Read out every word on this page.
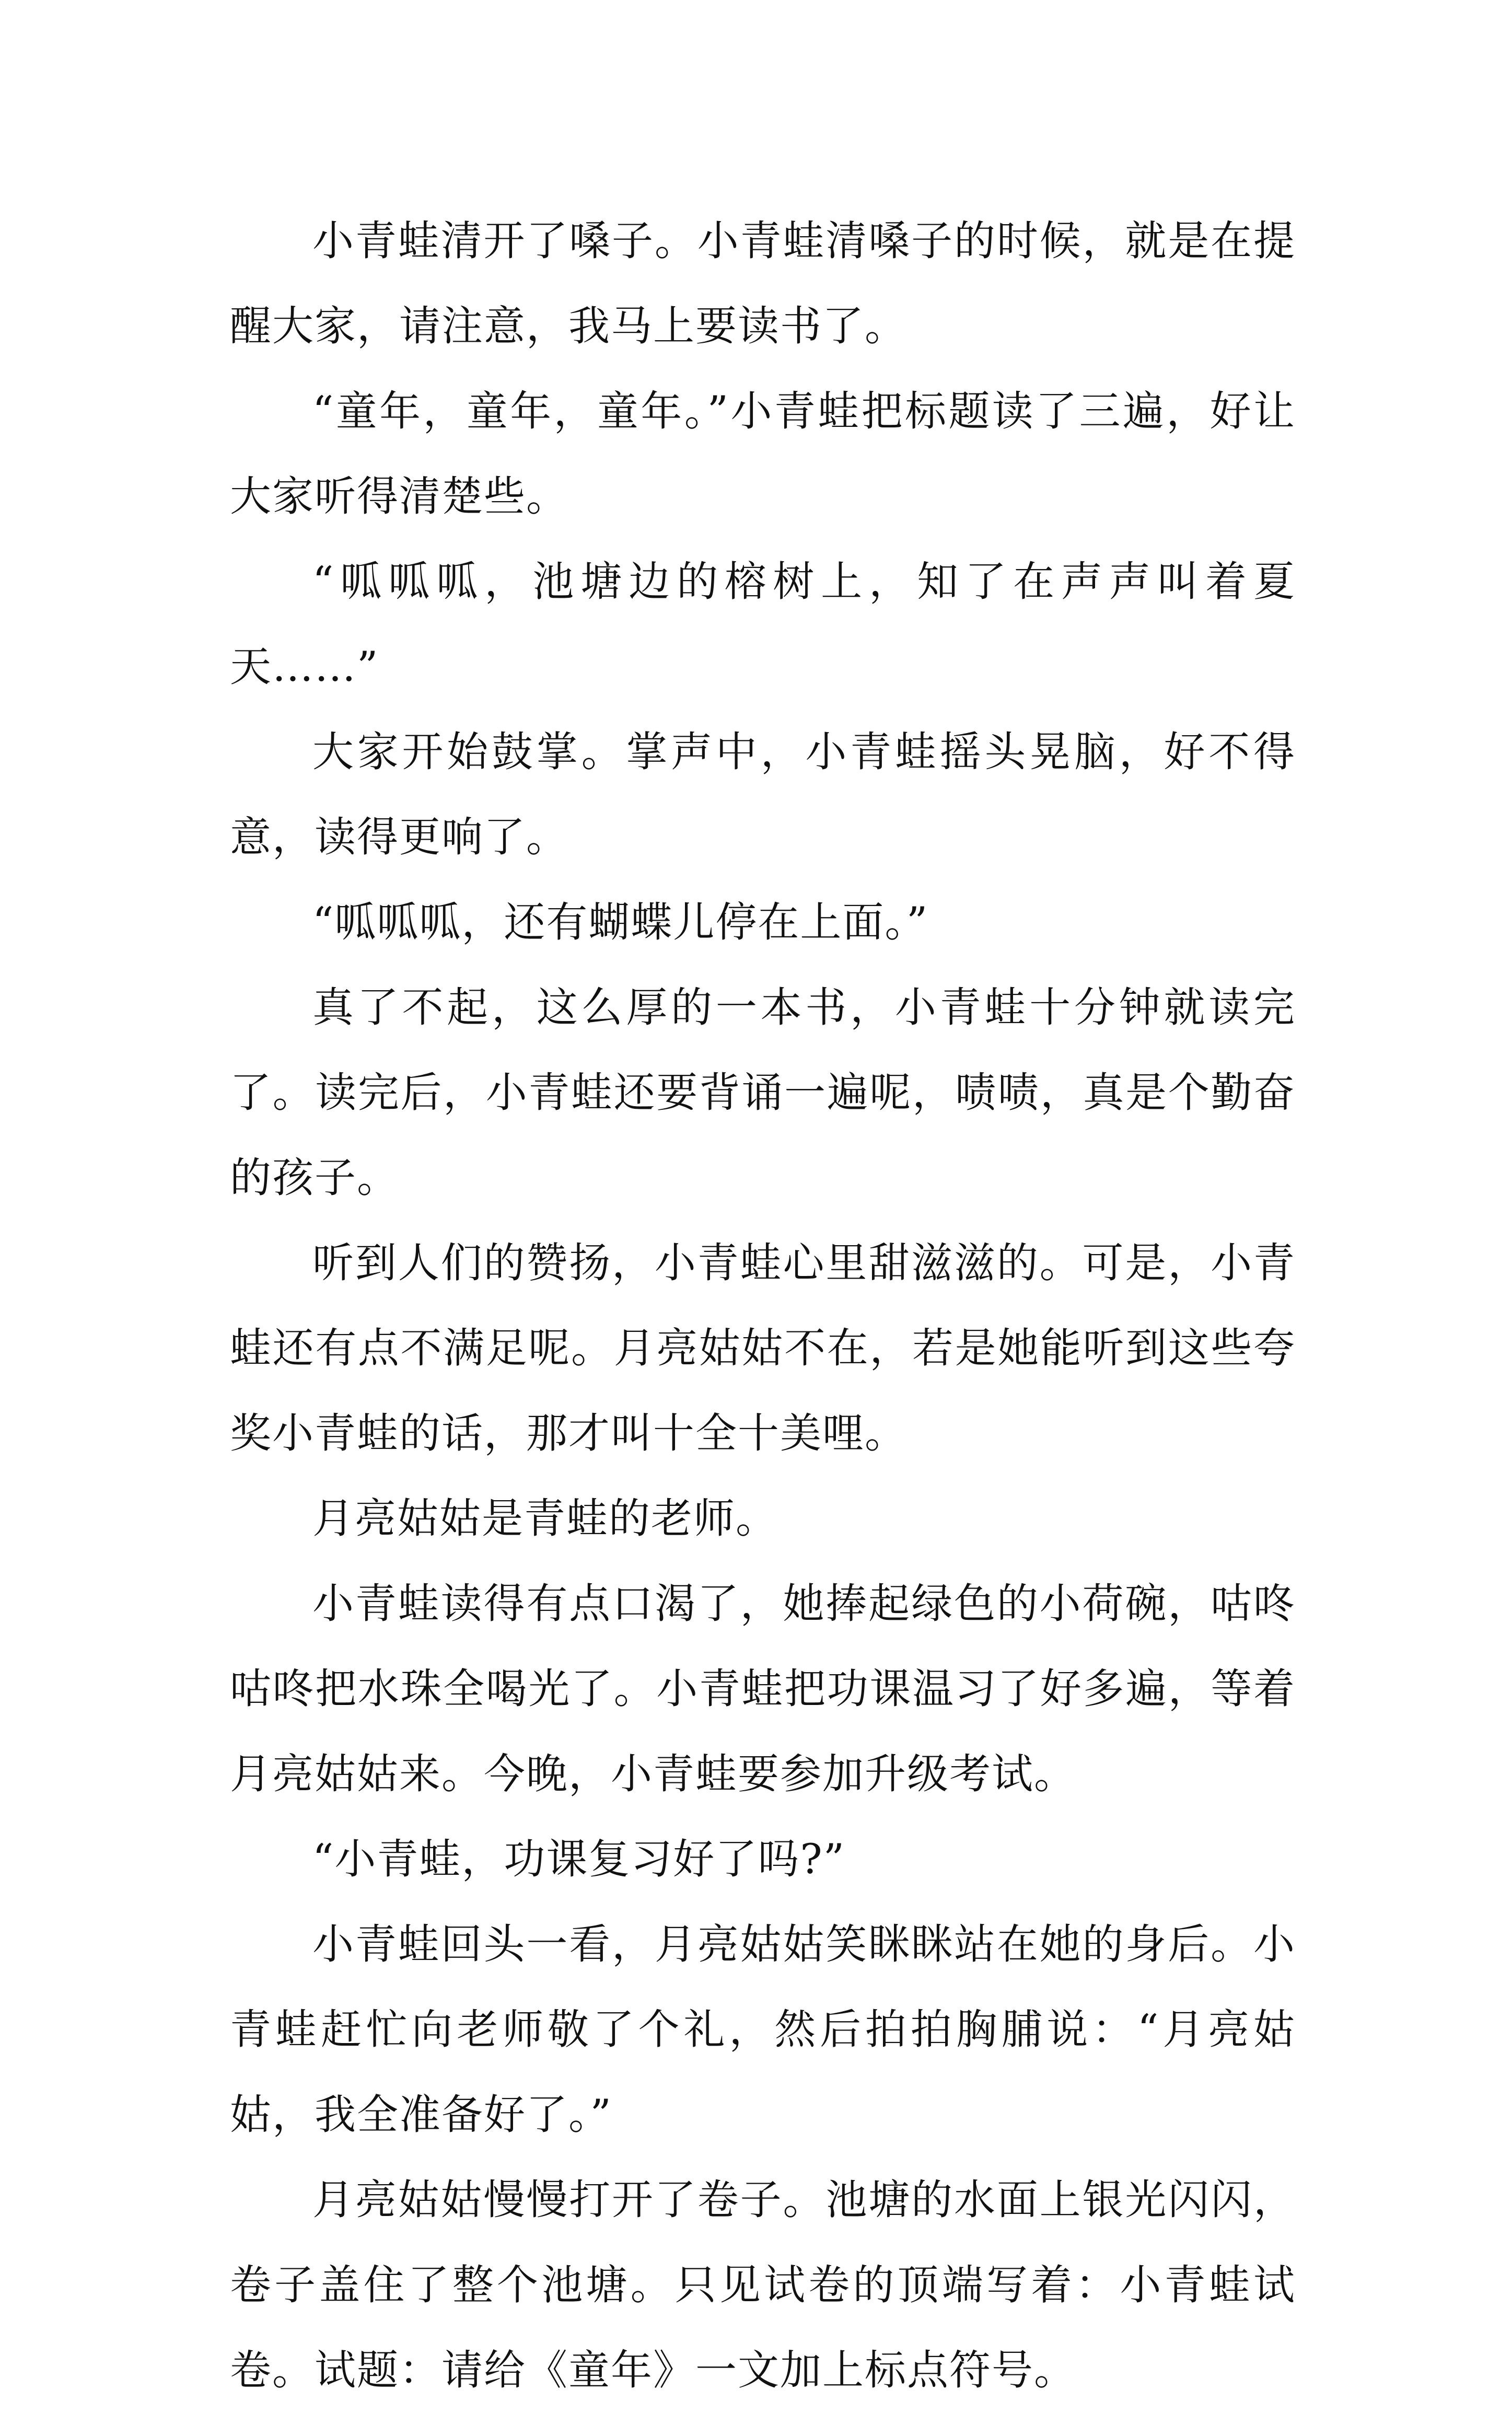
小青蛙清开了嗓子。小青蛙清嗓子的时候，就是在提醒大家，请注意，我马上要读书了。

“童年，童年，童年。”小青蛙把标题读了三遍，好让大家听得清楚些。

“呱呱呱，池塘边的榕树上，知了在声声叫着夏天……”

大家开始鼓掌。掌声中，小青蛙摇头晃脑，好不得意，读得更响了。

“呱呱呱，还有蝴蝶儿停在上面。”

真了不起，这么厚的一本书，小青蛙十分钟就读完了。读完后，小青蛙还要背诵一遍呢，啧啧，真是个勤奋的孩子。

听到人们的赞扬，小青蛙心里甜滋滋的。可是，小青蛙还有点不满足呢。月亮姑姑不在，若是她能听到这些夸奖小青蛙的话，那才叫十全十美哩。

月亮姑姑是青蛙的老师。

小青蛙读得有点口渴了，她捧起绿色的小荷碗，咕咚咕咚把水珠全喝光了。小青蛙把功课温习了好多遍，等着月亮姑姑来。今晚，小青蛙要参加升级考试。

“小青蛙，功课复习好了吗?”

小青蛙回头一看，月亮姑姑笑眯眯站在她的身后。小青蛙赶忙向老师敬了个礼，然后拍拍胸脯说：“月亮姑姑，我全准备好了。”

月亮姑姑慢慢打开了卷子。池塘的水面上银光闪闪，卷子盖住了整个池塘。只见试卷的顶端写着：小青蛙试卷。试题：请给《童年》一文加上标点符号。
